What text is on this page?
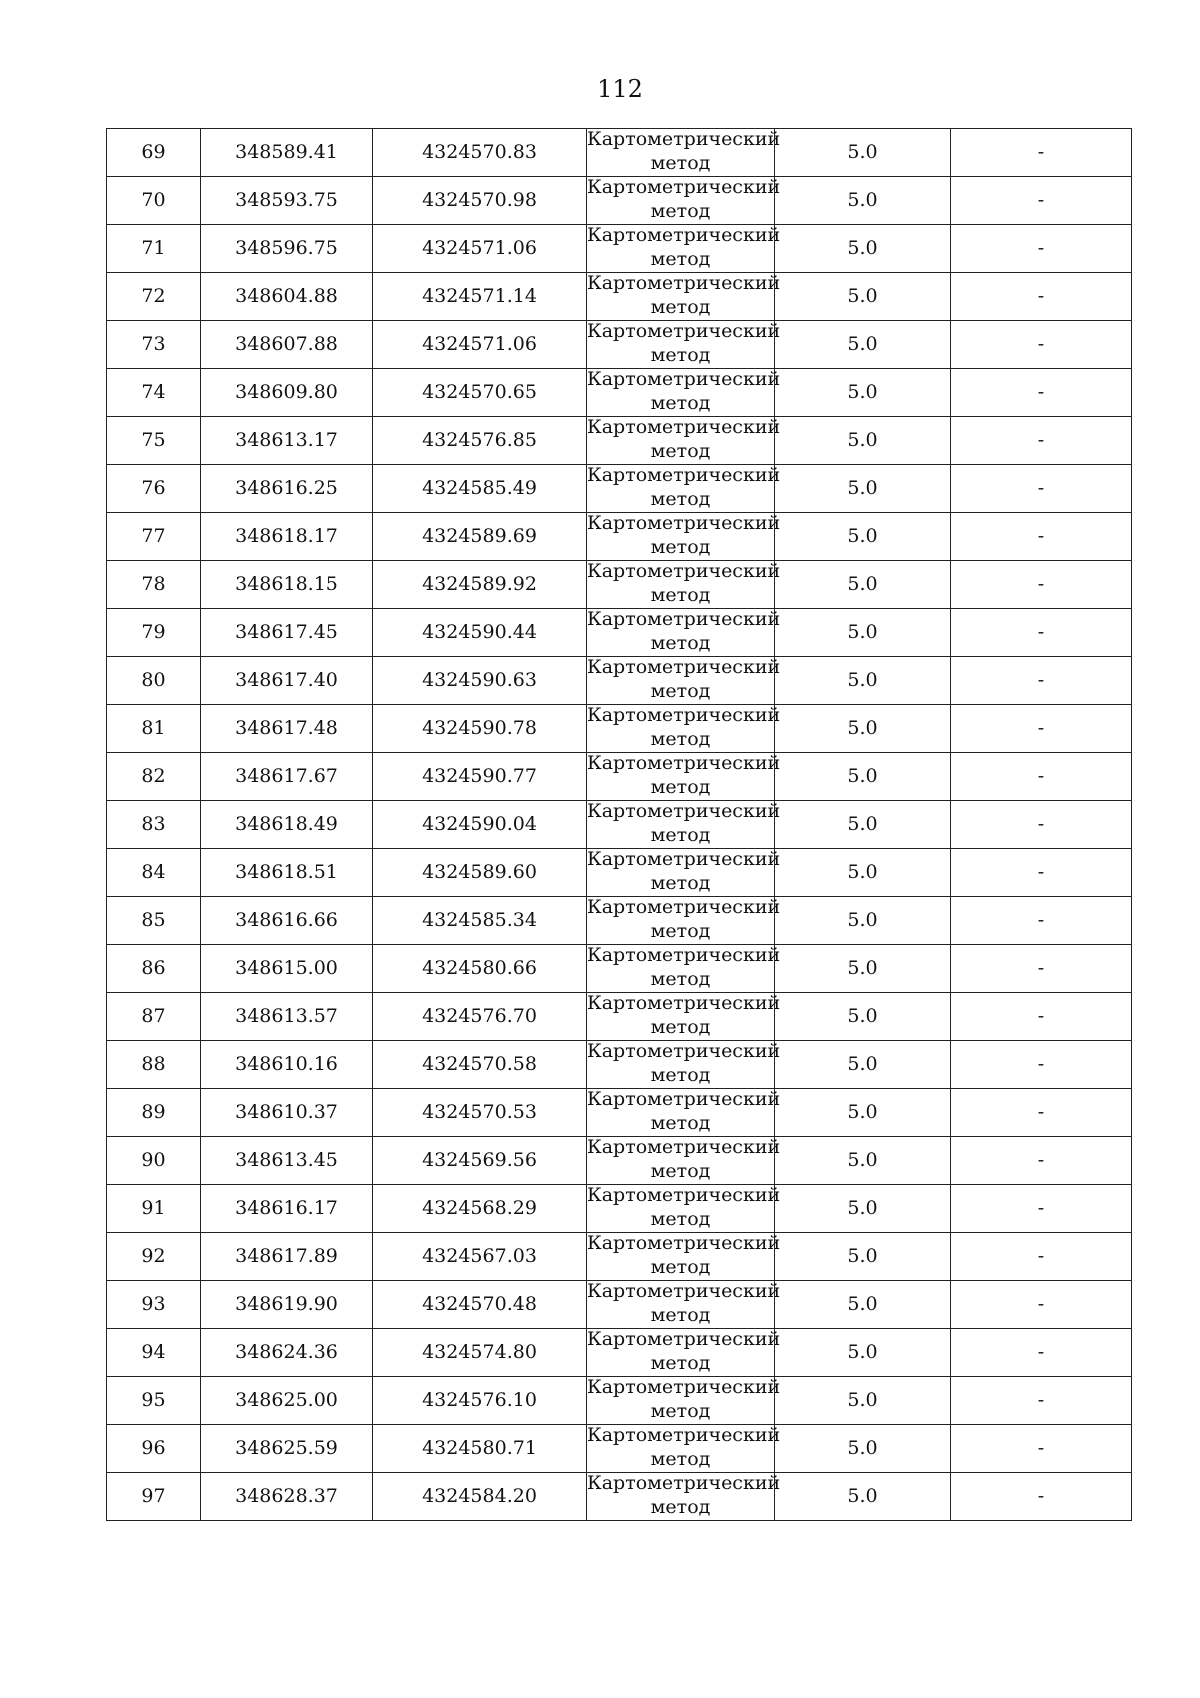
112
69	348589.41	4324570.83	Картометрический
метод	5.0	-
70	348593.75	4324570.98	Картометрический
метод	5.0	-
71	348596.75	4324571.06	Картометрический
метод	5.0	-
72	348604.88	4324571.14	Картометрический
метод	5.0	-
73	348607.88	4324571.06	Картометрический
метод	5.0	-
74	348609.80	4324570.65	Картометрический
метод	5.0	-
75	348613.17	4324576.85	Картометрический
метод	5.0	-
76	348616.25	4324585.49	Картометрический
метод	5.0	-
77	348618.17	4324589.69	Картометрический
метод	5.0	-
78	348618.15	4324589.92	Картометрический
метод	5.0	-
79	348617.45	4324590.44	Картометрический
метод	5.0	-
80	348617.40	4324590.63	Картометрический
метод	5.0	-
81	348617.48	4324590.78	Картометрический
метод	5.0	-
82	348617.67	4324590.77	Картометрический
метод	5.0	-
83	348618.49	4324590.04	Картометрический
метод	5.0	-
84	348618.51	4324589.60	Картометрический
метод	5.0	-
85	348616.66	4324585.34	Картометрический
метод	5.0	-
86	348615.00	4324580.66	Картометрический
метод	5.0	-
87	348613.57	4324576.70	Картометрический
метод	5.0	-
88	348610.16	4324570.58	Картометрический
метод	5.0	-
89	348610.37	4324570.53	Картометрический
метод	5.0	-
90	348613.45	4324569.56	Картометрический
метод	5.0	-
91	348616.17	4324568.29	Картометрический
метод	5.0	-
92	348617.89	4324567.03	Картометрический
метод	5.0	-
93	348619.90	4324570.48	Картометрический
метод	5.0	-
94	348624.36	4324574.80	Картометрический
метод	5.0	-
95	348625.00	4324576.10	Картометрический
метод	5.0	-
96	348625.59	4324580.71	Картометрический
метод	5.0	-
97	348628.37	4324584.20	Картометрический
метод	5.0	-
